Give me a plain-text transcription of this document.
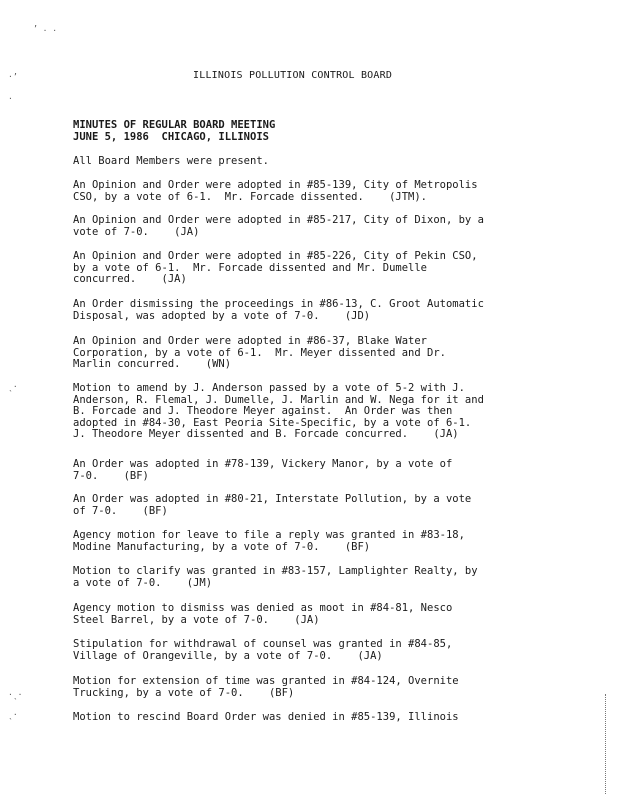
’ . .
·’
·
ˎ·
·ˎ·
ˎ·
ILLINOIS POLLUTION CONTROL BOARD
MINUTES OF REGULAR BOARD MEETING
JUNE 5, 1986  CHICAGO, ILLINOIS
All Board Members were present.
An Opinion and Order were adopted in #85-139, City of Metropolis
CSO, by a vote of 6-1.  Mr. Forcade dissented.    (JTM).
An Opinion and Order were adopted in #85-217, City of Dixon, by a
vote of 7-0.    (JA)
An Opinion and Order were adopted in #85-226, City of Pekin CSO,
by a vote of 6-1.  Mr. Forcade dissented and Mr. Dumelle
concurred.    (JA)
An Order dismissing the proceedings in #86-13, C. Groot Automatic
Disposal, was adopted by a vote of 7-0.    (JD)
An Opinion and Order were adopted in #86-37, Blake Water
Corporation, by a vote of 6-1.  Mr. Meyer dissented and Dr.
Marlin concurred.    (WN)
Motion to amend by J. Anderson passed by a vote of 5-2 with J.
Anderson, R. Flemal, J. Dumelle, J. Marlin and W. Nega for it and
B. Forcade and J. Theodore Meyer against.  An Order was then
adopted in #84-30, East Peoria Site-Specific, by a vote of 6-1.
J. Theodore Meyer dissented and B. Forcade concurred.    (JA)
An Order was adopted in #78-139, Vickery Manor, by a vote of
7-0.    (BF)
An Order was adopted in #80-21, Interstate Pollution, by a vote
of 7-0.    (BF)
Agency motion for leave to file a reply was granted in #83-18,
Modine Manufacturing, by a vote of 7-0.    (BF)
Motion to clarify was granted in #83-157, Lamplighter Realty, by
a vote of 7-0.    (JM)
Agency motion to dismiss was denied as moot in #84-81, Nesco
Steel Barrel, by a vote of 7-0.    (JA)
Stipulation for withdrawal of counsel was granted in #84-85,
Village of Orangeville, by a vote of 7-0.    (JA)
Motion for extension of time was granted in #84-124, Overnite
Trucking, by a vote of 7-0.    (BF)
Motion to rescind Board Order was denied in #85-139, Illinois
